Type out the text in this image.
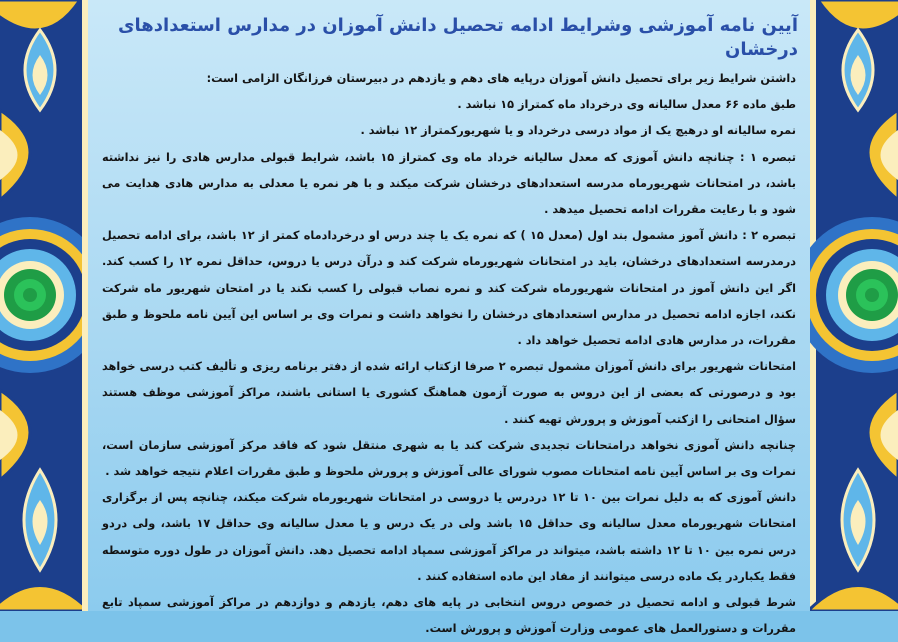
آیین نامه آموزشی وشرایط ادامه تحصیل دانش آموزان در مدارس استعدادهای درخشان

داشتن شرایط زیر برای تحصیل دانش آموزان درپایه های دهم و یازدهم در دبیرستان فرزانگان الزامی است:

طبق ماده ۶۶ معدل سالیانه وی درخرداد ماه کمتراز ۱۵ نباشد .

نمره سالیانه او درهیچ یک از مواد درسی درخرداد و یا شهریورکمتراز ۱۲ نباشد .

تبصره ۱ : چنانچه دانش آموزی که معدل سالیانه خرداد ماه وی کمتراز ۱۵ باشد، شرایط قبولی مدارس هادی را نیز نداشته باشد، در امتحانات شهریورماه مدرسه استعدادهای درخشان شرکت میکند و با هر نمره یا معدلی به مدارس هادی هدایت می شود و با رعایت مقررات ادامه تحصیل میدهد .

تبصره ۲ : دانش آموز مشمول بند اول (معدل ۱۵ ) که نمره یک یا چند درس او درخردادماه کمتر از ۱۲ باشد، برای ادامه تحصیل درمدرسه استعدادهای درخشان، باید در امتحانات شهریورماه شرکت کند و درآن درس یا دروس، حداقل نمره ۱۲ را کسب کند. اگر این دانش آموز در امتحانات شهریورماه شرکت کند و نمره نصاب قبولی را کسب نکند یا در امتحان شهریور ماه شرکت نکند، اجازه ادامه تحصیل در مدارس استعدادهای درخشان را نخواهد داشت و نمرات وی بر اساس این آیین نامه ملحوظ و طبق مقررات، در مدارس هادی ادامه تحصیل خواهد داد .

امتحانات شهریور برای دانش آموزان مشمول تبصره ۲ صرفا ازکتاب ارائه شده از دفتر برنامه ریزی و تألیف کتب درسی خواهد بود و درصورتی که بعضی از این دروس به صورت آزمون هماهنگ کشوری یا استانی باشند، مراکز آموزشی موظف هستند سؤال امتحانی را ازکتب آموزش و پرورش تهیه کنند .

چنانچه دانش آموزی نخواهد درامتحانات تجدیدی شرکت کند یا به شهری منتقل شود که فاقد مرکز آموزشی سازمان است، نمرات وی بر اساس آیین نامه امتحانات مصوب شورای عالی آموزش و پرورش ملحوظ و طبق مقررات اعلام نتیجه خواهد شد .

دانش آموزی که به دلیل نمرات بین ۱۰ تا ۱۲ دردرس یا دروسی در امتحانات شهریورماه شرکت میکند، چنانچه پس از برگزاری امتحانات شهریورماه معدل سالیانه وی حداقل ۱۵ باشد ولی در یک درس و یا معدل سالیانه وی حداقل ۱۷ باشد، ولی دردو درس نمره بین ۱۰ تا ۱۲ داشته باشد، میتواند در مراکز آموزشی سمپاد ادامه تحصیل دهد. دانش آموزان در طول دوره متوسطه فقط یکباردر یک ماده درسی میتوانند از مفاد این ماده استفاده کنند .

شرط قبولی و ادامه تحصیل در خصوص دروس انتخابی در پایه های دهم، یازدهم و دوازدهم در مراکز آموزشی سمپاد تابع مقررات و دستورالعمل های عمومی وزارت آموزش و پرورش است.
